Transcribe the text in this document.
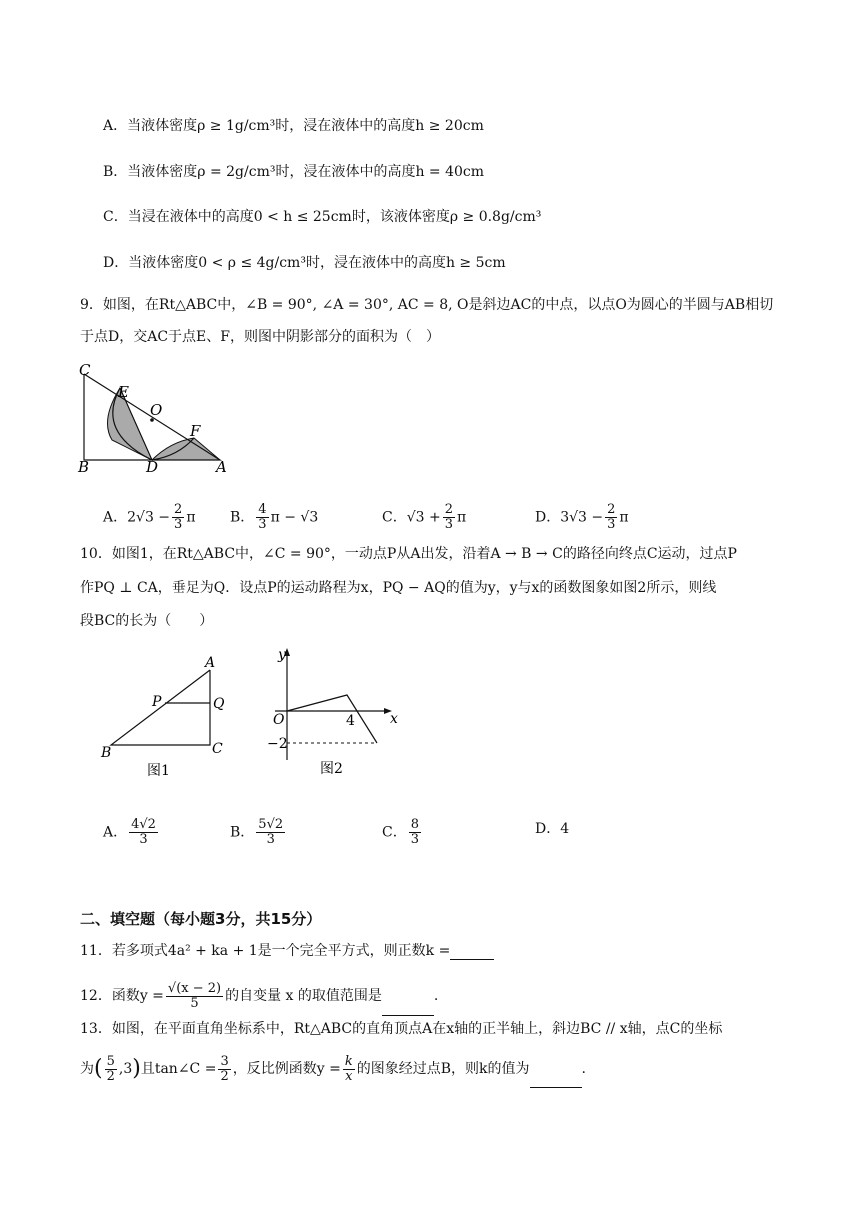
A．当液体密度ρ ≥ 1g/cm³时，浸在液体中的高度h ≥ 20cm
B．当液体密度ρ = 2g/cm³时，浸在液体中的高度h = 40cm
C．当浸在液体中的高度0 < h ≤ 25cm时，该液体密度ρ ≥ 0.8g/cm³
D．当液体密度0 < ρ ≤ 4g/cm³时，浸在液体中的高度h ≥ 5cm
9．如图，在Rt△ABC中，∠B = 90°, ∠A = 30°, AC = 8, O是斜边AC的中点，以点O为圆心的半圆与AB相切
于点D，交AC于点E、F，则图中阴影部分的面积为（　）
C
E
O
F
B	D	A
A．$2√3 - \frac{2}{3}$ π B． $\frac{4}{3}$ π − √3	C．$√3 + \frac{2}{3}$ π	D．$3√3 - \frac{2}{3}$ π
10．如图1，在Rt△ABC中，∠C = 90°，一动点P从A出发，沿着A → B → C的路径向终点C运动，过点P
作PQ ⊥ CA，垂足为Q．设点P的运动路程为x，PQ − AQ的值为y，y与x的函数图象如图2所示，则线
段BC的长为（　　）
A
P	Q
B	C
图1
y
O	x
4
−2
图2
A． $\frac{4√2}{3}$	B． $\frac{5√2}{3}$	C． $\frac{8}{3}$	D．4
二、填空题（每小题3分，共15分）
11．若多项式4a² + ka + 1是一个完全平方式，则正数k =
12．函数$y = \frac{√(x - 2)}{5}$ 的自变量 x 的取值范围是	.
13．如图，在平面直角坐标系中，Rt△ABC的直角顶点A在x轴的正半轴上，斜边BC // x轴，点C的坐标
为( $\frac{5}{2} ,3$)且tan∠C = $\frac{3}{2}$ ，反比例函数$y = \frac{k}{x}$ 的图象经过点B，则k的值为	.
